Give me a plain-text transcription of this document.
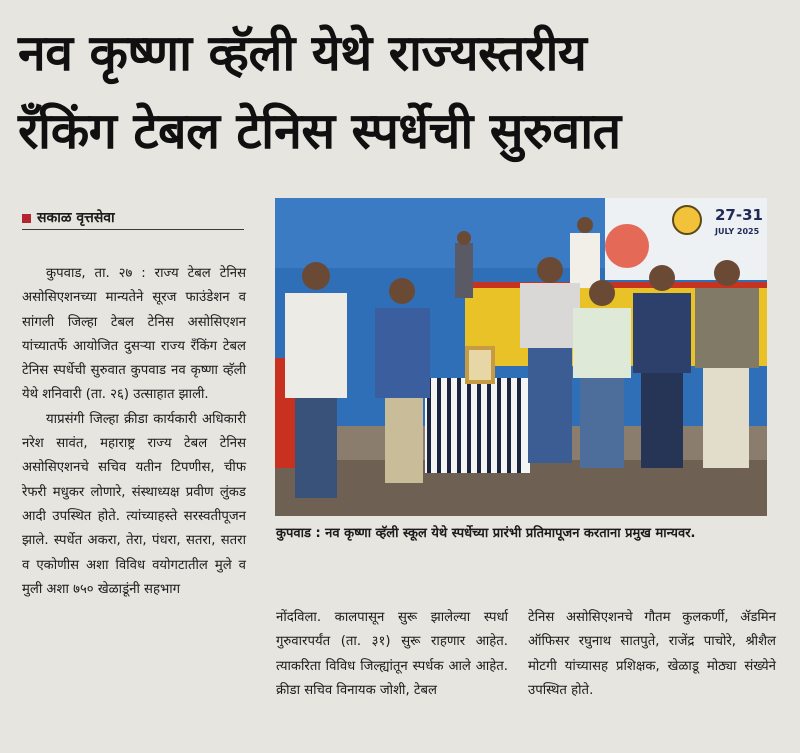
नव कृष्णा व्हॅली येथे राज्यस्तरीय
रँकिंग टेबल टेनिस स्पर्धेची सुरुवात
सकाळ वृत्तसेवा

कुपवाड, ता. २७ : राज्य टेबल टेनिस असोसिएशनच्या मान्यतेने सूरज फाउंडेशन व सांगली जिल्हा टेबल टेनिस असोसिएशन यांच्यातर्फे आयोजित दुसऱ्या राज्य रँकिंग टेबल टेनिस स्पर्धेची सुरुवात कुपवाड नव कृष्णा व्हॅली येथे शनिवारी (ता. २६) उत्साहात झाली.

याप्रसंगी जिल्हा क्रीडा कार्यकारी अधिकारी नरेश सावंत, महाराष्ट्र राज्य टेबल टेनिस असोसिएशनचे सचिव यतीन टिपणीस, चीफ रेफरी मधुकर लोणारे, संस्थाध्यक्ष प्रवीण लुंकड आदी उपस्थित होते. त्यांच्याहस्ते सरस्वतीपूजन झाले. स्पर्धेत अकरा, तेरा, पंधरा, सतरा, सतरा व एकोणीस अशा विविध वयोगटातील मुले व मुली अशा ७५० खेळाडूंनी सहभाग

27-31
JULY 2025
कुपवाड : नव कृष्णा व्हॅली स्कूल येथे स्पर्धेच्या प्रारंभी प्रतिमापूजन करताना प्रमुख मान्यवर.

नोंदविला. कालपासून सुरू झालेल्या स्पर्धा गुरुवारपर्यंत (ता. ३१) सुरू राहणार आहेत. त्याकरिता विविध जिल्ह्यांतून स्पर्धक आले आहेत. क्रीडा सचिव विनायक जोशी, टेबल

टेनिस असोसिएशनचे गौतम कुलकर्णी, ॲडमिन ऑफिसर रघुनाथ सातपुते, राजेंद्र पाचोरे, श्रीशैल मोटगी यांच्यासह प्रशिक्षक, खेळाडू मोठ्या संख्येने उपस्थित होते.
